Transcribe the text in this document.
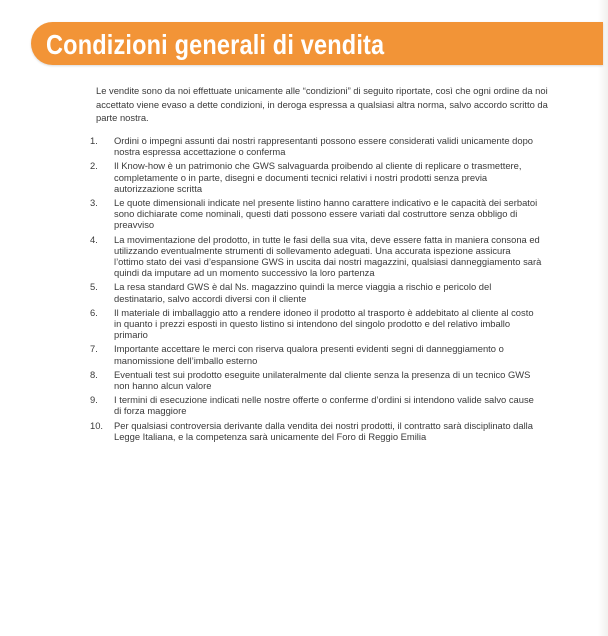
Condizioni generali di vendita

Le vendite sono da noi effettuate unicamente alle “condizioni” di seguito riportate, così che ogni ordine da noi accettato viene evaso a dette condizioni, in deroga espressa a qualsiasi altra norma, salvo accordo scritto da parte nostra.

1.	Ordini o impegni assunti dai nostri rappresentanti possono essere considerati validi unicamente dopo nostra espressa accettazione o conferma
2.	Il Know-how è un patrimonio che GWS salvaguarda proibendo al cliente di replicare o trasmettere, completamente o in parte, disegni e documenti tecnici relativi i nostri prodotti senza previa autorizzazione scritta
3.	Le quote dimensionali indicate nel presente listino hanno carattere indicativo e le capacità dei serbatoi sono dichiarate come nominali, questi dati possono essere variati dal costruttore senza obbligo di preavviso
4.	La movimentazione del prodotto, in tutte le fasi della sua vita, deve essere fatta in maniera consona ed utilizzando eventualmente strumenti di sollevamento adeguati. Una accurata ispezione assicura l’ottimo stato dei vasi d’espansione GWS in uscita dai nostri magazzini, qualsiasi danneggiamento sarà quindi da imputare ad un momento successivo la loro partenza
5.	La resa standard GWS è dal Ns. magazzino quindi la merce viaggia a rischio e pericolo del destinatario, salvo accordi diversi con il cliente
6.	Il materiale di imballaggio atto a rendere idoneo il prodotto al trasporto è addebitato al cliente al costo in quanto i prezzi esposti in questo listino si intendono del singolo prodotto e del relativo imballo primario
7.	Importante accettare le merci con riserva qualora presenti evidenti segni di danneggiamento o manomissione dell’imballo esterno
8.	Eventuali test sui prodotto eseguite unilateralmente dal cliente senza la presenza di un tecnico GWS non hanno alcun valore
9.	I termini di esecuzione indicati nelle nostre offerte o conferme d’ordini si intendono valide salvo cause di forza maggiore
10.	Per qualsiasi controversia derivante dalla vendita dei nostri prodotti, il contratto sarà disciplinato dalla Legge Italiana, e la competenza sarà unicamente del Foro di Reggio Emilia
